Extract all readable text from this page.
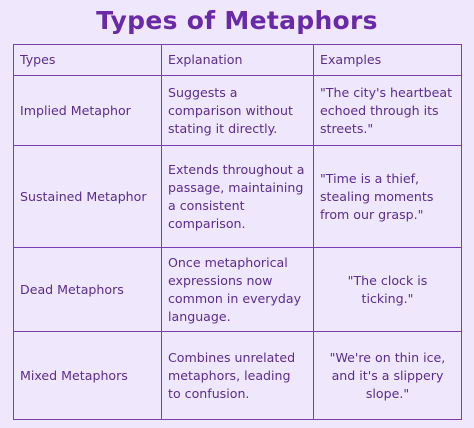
Types of Metaphors
Types	Explanation	Examples
Implied Metaphor	Suggests a comparison without stating it directly.	"The city's heartbeat echoed through its streets."
Sustained Metaphor	Extends throughout a passage, maintaining a consistent comparison.	"Time is a thief, stealing moments from our grasp."
Dead Metaphors	Once metaphorical expressions now common in everyday language.	"The clock is ticking."
Mixed Metaphors	Combines unrelated metaphors, leading to confusion.	"We're on thin ice, and it's a slippery slope."
